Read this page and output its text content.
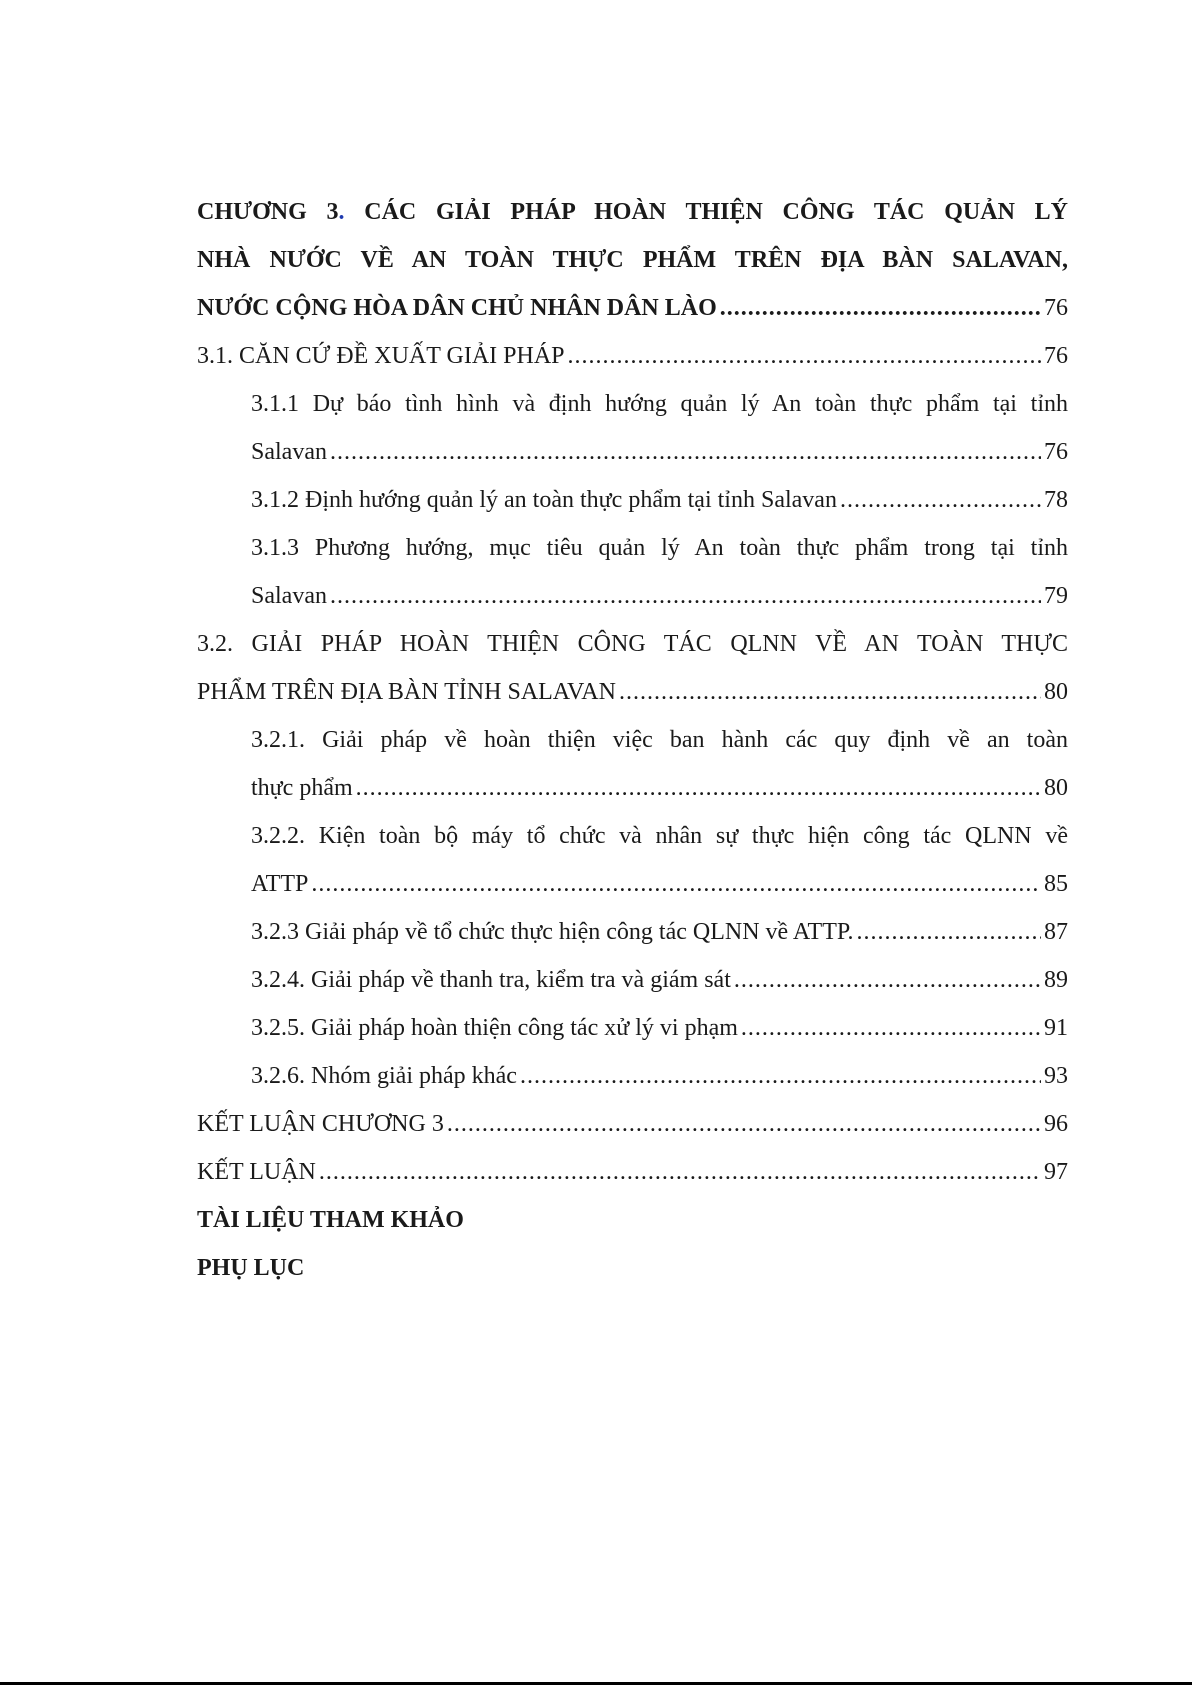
CHƯƠNG 3. CÁC GIẢI PHÁP HOÀN THIỆN CÔNG TÁC QUẢN LÝ
NHÀ NƯỚC VỀ AN TOÀN THỰC PHẨM TRÊN ĐỊA BÀN SALAVAN,
NƯỚC CỘNG HÒA DÂN CHỦ NHÂN DÂN LÀO .....	76
3.1. CĂN CỨ ĐỀ XUẤT GIẢI PHÁP .....	76
3.1.1 Dự báo tình hình và định hướng quản lý An toàn thực phẩm tại tỉnh
Salavan .....	76
3.1.2 Định hướng quản lý an toàn thực phẩm tại tỉnh Salavan .....	78
3.1.3 Phương hướng, mục tiêu quản lý An toàn thực phẩm trong tại tỉnh
Salavan .....	79
3.2. GIẢI PHÁP HOÀN THIỆN CÔNG TÁC QLNN VỀ AN TOÀN THỰC
PHẨM TRÊN ĐỊA BÀN TỈNH SALAVAN .....	80
3.2.1. Giải pháp về hoàn thiện việc ban hành các quy định về an toàn
thực phẩm .....	80
3.2.2. Kiện toàn bộ máy tổ chức và nhân sự thực hiện công tác QLNN về
ATTP .....	85
3.2.3 Giải pháp về tổ chức thực hiện công tác QLNN về ATTP. .....	87
3.2.4. Giải pháp về thanh tra, kiểm tra và giám sát .....	89
3.2.5. Giải pháp hoàn thiện công tác xử lý vi phạm .....	91
3.2.6. Nhóm giải pháp khác .....	93
KẾT LUẬN CHƯƠNG 3 .....	96
KẾT LUẬN .....	97
TÀI LIỆU THAM KHẢO
PHỤ LỤC
